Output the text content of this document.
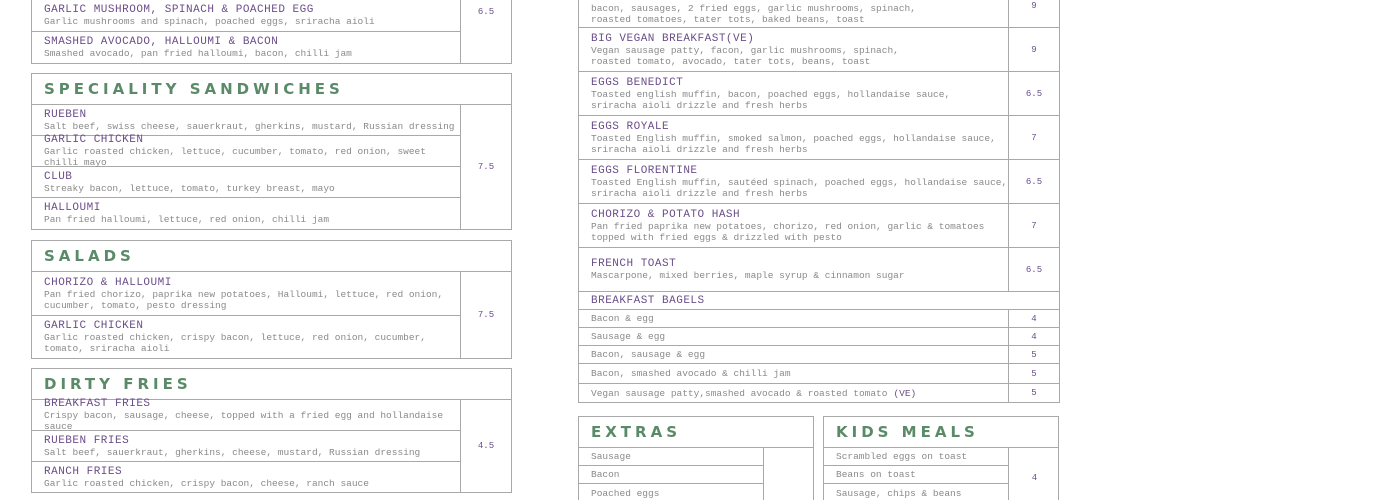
GARLIC MUSHROOM, SPINACH & POACHED EGG
Garlic mushrooms and spinach, poached eggs, sriracha aioli
SMASHED AVOCADO, HALLOUMI & BACON
Smashed avocado, pan fried halloumi, bacon, chilli jam
6.5
SPECIALITY SANDWICHES
RUEBEN
Salt beef, swiss cheese, sauerkraut, gherkins, mustard, Russian dressing
GARLIC CHICKEN
Garlic roasted chicken, lettuce, cucumber, tomato, red onion, sweet chilli mayo
CLUB
Streaky bacon, lettuce, tomato, turkey breast, mayo
HALLOUMI
Pan fried halloumi, lettuce, red onion, chilli jam
7.5
SALADS
CHORIZO & HALLOUMI
Pan fried chorizo, paprika new potatoes, Halloumi, lettuce, red onion,
cucumber, tomato, pesto dressing
GARLIC CHICKEN
Garlic roasted chicken, crispy bacon, lettuce, red onion, cucumber,
tomato, sriracha aioli
7.5
DIRTY FRIES
BREAKFAST FRIES
Crispy bacon, sausage, cheese, topped with a fried egg and hollandaise sauce
RUEBEN FRIES
Salt beef, sauerkraut, gherkins, cheese, mustard, Russian dressing
RANCH FRIES
Garlic roasted chicken, crispy bacon, cheese, ranch sauce
4.5
bacon, sausages, 2 fried eggs, garlic mushrooms, spinach,
roasted tomatoes, tater tots, baked beans, toast
9
BIG VEGAN BREAKFAST(VE)
Vegan sausage patty, facon, garlic mushrooms, spinach,
roasted tomato, avocado, tater tots, beans, toast
9
EGGS BENEDICT
Toasted english muffin, bacon, poached eggs, hollandaise sauce,
sriracha aioli drizzle and fresh herbs
6.5
EGGS ROYALE
Toasted English muffin, smoked salmon, poached eggs, hollandaise sauce,
sriracha aioli drizzle and fresh herbs
7
EGGS FLORENTINE
Toasted English muffin, sautéed spinach, poached eggs, hollandaise sauce,
sriracha aioli drizzle and fresh herbs
6.5
CHORIZO & POTATO HASH
Pan fried paprika new potatoes, chorizo, red onion, garlic & tomatoes
topped with fried eggs & drizzled with pesto
7
FRENCH TOAST
Mascarpone, mixed berries, maple syrup & cinnamon sugar
6.5
BREAKFAST BAGELS
Bacon & egg	4
Sausage & egg	4
Bacon, sausage & egg	5
Bacon, smashed avocado & chilli jam	5
Vegan sausage patty,smashed avocado & roasted tomato (VE)	5
EXTRAS
Sausage
Bacon
Poached eggs
KIDS MEALS
Scrambled eggs on toast
Beans on toast
Sausage, chips & beans
4
